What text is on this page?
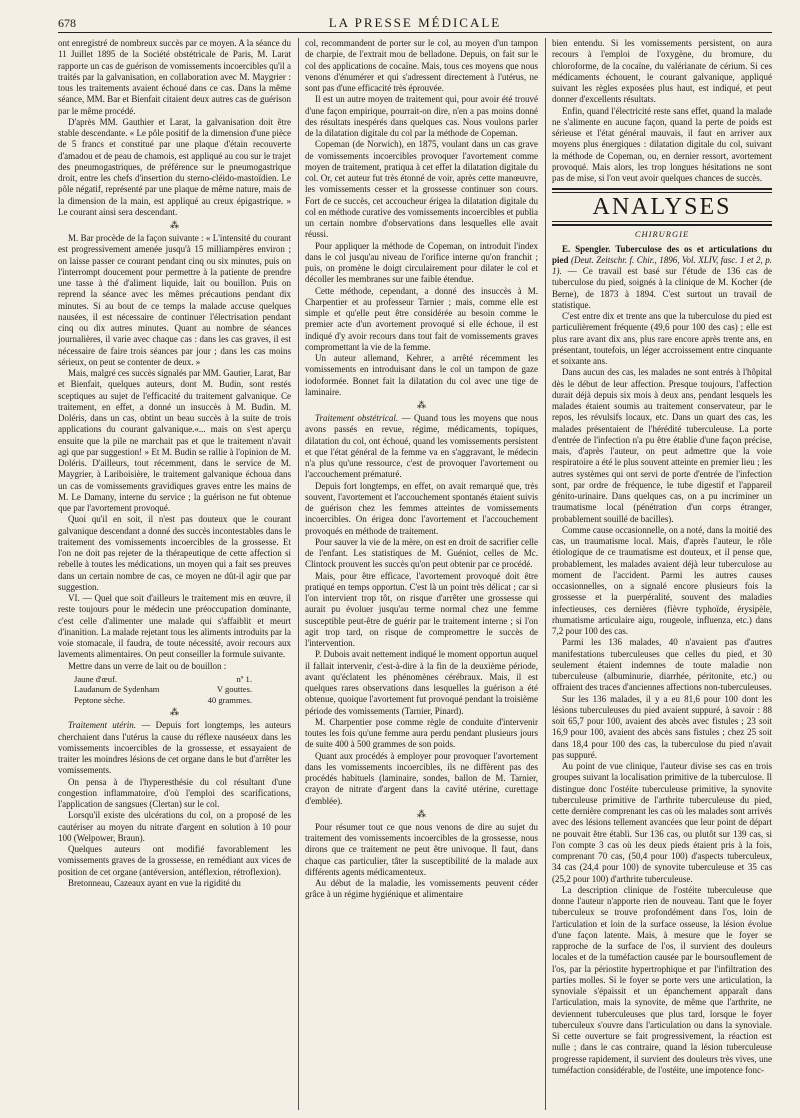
678	LA PRESSE MÉDICALE

ont enregistré de nombreux succès par ce moyen. A la séance du 11 Juillet 1895 de la Société obstétricale de Paris, M. Larat rapporte un cas de guérison de vomissements incoercibles qu'il a traités par la galvanisation, en collaboration avec M. Maygrier : tous les traitements avaient échoué dans ce cas. Dans la même séance, MM. Bar et Bienfait citaient deux autres cas de guérison par le même procédé.

D'après MM. Gauthier et Larat, la galvanisation doit être stable descendante. « Le pôle positif de la dimension d'une pièce de 5 francs et constitué par une plaque d'étain recouverte d'amadou et de peau de chamois, est appliqué au cou sur le trajet des pneumogastriques, de préférence sur le pneumogastrique droit, entre les chefs d'insertion du sterno-cléido-mastoïdien. Le pôle négatif, représenté par une plaque de même nature, mais de la dimension de la main, est appliqué au creux épigastrique. » Le courant ainsi sera descendant.

⁂

M. Bar procède de la façon suivante : « L'intensité du courant est progressivement amenée jusqu'à 15 milliampères environ ; on laisse passer ce courant pendant cinq ou six minutes, puis on l'interrompt doucement pour permettre à la patiente de prendre une tasse à thé d'aliment liquide, lait ou bouillon. Puis on reprend la séance avec les mêmes précautions pendant dix minutes. Si au bout de ce temps la malade accuse quelques nausées, il est nécessaire de continuer l'électrisation pendant cinq ou dix autres minutes. Quant au nombre de séances journalières, il varie avec chaque cas : dans les cas graves, il est nécessaire de faire trois séances par jour ; dans les cas moins sérieux, on peut se contenter de deux. »

Mais, malgré ces succès signalés par MM. Gautier, Larat, Bar et Bienfait, quelques auteurs, dont M. Budin, sont restés sceptiques au sujet de l'efficacité du traitement galvanique. Ce traitement, en effet, a donné un insuccès à M. Budin. M. Doléris, dans un cas, obtint un beau succès à la suite de trois applications du courant galvanique.«... mais on s'est aperçu ensuite que la pile ne marchait pas et que le traitement n'avait agi que par suggestion! » Et M. Budin se rallie à l'opinion de M. Doléris. D'ailleurs, tout récemment, dans le service de M. Maygrier, à Lariboisière, le traitement galvanique échoua dans un cas de vomissements gravidiques graves entre les mains de M. Le Damany, interne du service ; la guérison ne fut obtenue que par l'avortement provoqué.

Quoi qu'il en soit, il n'est pas douteux que le courant galvanique descendant a donné des succès incontestables dans le traitement des vomissements incoercibles de la grossesse. Et l'on ne doit pas rejeter de la thérapeutique de cette affection si rebelle à toutes les médications, un moyen qui a fait ses preuves dans un certain nombre de cas, ce moyen ne dût-il agir que par suggestion.

VI. — Quel que soit d'ailleurs le traitement mis en œuvre, il reste toujours pour le médecin une préoccupation dominante, c'est celle d'alimenter une malade qui s'affaiblit et meurt d'inanition. La malade rejetant tous les aliments introduits par la voie stomacale, il faudra, de toute nécessité, avoir recours aux lavements alimentaires. On peut conseiller la formule suivante.

Mettre dans un verre de lait ou de bouillon :

Jaune d'œuf.	nº 1.
Laudanum de Sydenham	V gouttes.
Peptone sèche.	40 grammes.
⁂

Traitement utérin. — Depuis fort longtemps, les auteurs cherchaient dans l'utérus la cause du réflexe nauséeux dans les vomissements incoercibles de la grossesse, et essayaient de traiter les moindres lésions de cet organe dans le but d'arrêter les vomissements.

On pensa à de l'hyperesthésie du col résultant d'une congestion inflammatoire, d'où l'emploi des scarifications, l'application de sangsues (Clertan) sur le col.

Lorsqu'il existe des ulcérations du col, on a proposé de les cautériser au moyen du nitrate d'argent en solution à 10 pour 100 (Welpower, Braun).

Quelques auteurs ont modifié favorablement les vomissements graves de la grossesse, en remédiant aux vices de position de cet organe (antéversion, antéflexion, rétroflexion).

Bretonneau, Cazeaux ayant en vue la rigidité du

col, recommandent de porter sur le col, au moyen d'un tampon de charpie, de l'extrait mou de belladone. Depuis, on fait sur le col des applications de cocaïne. Mais, tous ces moyens que nous venons d'énumérer et qui s'adressent directement à l'utérus, ne sont pas d'une efficacité très éprouvée.

Il est un autre moyen de traitement qui, pour avoir été trouvé d'une façon empirique, pourrait-on dire, n'en a pas moins donné des résultats inespérés dans quelques cas. Nous voulons parler de la dilatation digitale du col par la méthode de Copeman.

Copeman (de Norwich), en 1875, voulant dans un cas grave de vomissements incoercibles provoquer l'avortement comme moyen de traitement, pratiqua à cet effet la dilatation digitale du col. Or, cet auteur fut très étonné de voir, après cette manœuvre, les vomissements cesser et la grossesse continuer son cours. Fort de ce succès, cet accoucheur érigea la dilatation digitale du col en méthode curative des vomissements incoercibles et publia un certain nombre d'observations dans lesquelles elle avait réussi.

Pour appliquer la méthode de Copeman, on introduit l'index dans le col jusqu'au niveau de l'orifice interne qu'on franchit ; puis, on promène le doigt circulairement pour dilater le col et décoller les membranes sur une faible étendue.

Cette méthode, cependant, a donné des insuccès à M. Charpentier et au professeur Tarnier ; mais, comme elle est simple et qu'elle peut être considérée au besoin comme le premier acte d'un avortement provoqué si elle échoue, il est indiqué d'y avoir recours dans tout fait de vomissements graves compromettant la vie de la femme.

Un auteur allemand, Kehrer, a arrêté récemment les vomissements en introduisant dans le col un tampon de gaze iodoformée. Bonnet fait la dilatation du col avec une tige de laminaire.

⁂

Traitement obstétrical. — Quand tous les moyens que nous avons passés en revue, régime, médicaments, topiques, dilatation du col, ont échoué, quand les vomissements persistent et que l'état général de la femme va en s'aggravant, le médecin n'a plus qu'une ressource, c'est de provoquer l'avortement ou l'accouchement prématuré.

Depuis fort longtemps, en effet, on avait remarqué que, très souvent, l'avortement et l'accouchement spontanés étaient suivis de guérison chez les femmes atteintes de vomissements incoercibles. On érigea donc l'avortement et l'accouchement provoqués en méthode de traitement.

Pour sauver la vie de la mère, on est en droit de sacrifier celle de l'enfant. Les statistiques de M. Guéniot, celles de Mc. Clintock prouvent les succès qu'on peut obtenir par ce procédé.

Mais, pour être efficace, l'avortement provoqué doit être pratiqué en temps opportun. C'est là un point très délicat ; car si l'on intervient trop tôt, on risque d'arrêter une grossesse qui aurait pu évoluer jusqu'au terme normal chez une femme susceptible peut-être de guérir par le traitement interne ; si l'on agit trop tard, on risque de compromettre le succès de l'intervention.

P. Dubois avait nettement indiqué le moment opportun auquel il fallait intervenir, c'est-à-dire à la fin de la deuxième période, avant qu'éclatent les phénomènes cérébraux. Mais, il est quelques rares observations dans lesquelles la guérison a été obtenue, quoique l'avortement fut provoqué pendant la troisième période des vomissements (Tarnier, Pinard).

M. Charpentier pose comme règle de conduite d'intervenir toutes les fois qu'une femme aura perdu pendant plusieurs jours de suite 400 à 500 grammes de son poids.

Quant aux procédés à employer pour provoquer l'avortement dans les vomissements incoercibles, ils ne diffèrent pas des procédés habituels (laminaire, sondes, ballon de M. Tarnier, crayon de nitrate d'argent dans la cavité utérine, curettage d'emblée).

⁂

Pour résumer tout ce que nous venons de dire au sujet du traitement des vomissements incoercibles de la grossesse, nous dirons que ce traitement ne peut être univoque. Il faut, dans chaque cas particulier, tâter la susceptibilité de la malade aux différents agents médicamenteux.

Au début de la maladie, les vomissements peuvent céder grâce à un régime hygiénique et alimentaire

bien entendu. Si les vomissements persistent, on aura recours à l'emploi de l'oxygène, du bromure, du chloroforme, de la cocaïne, du valérianate de cérium. Si ces médicaments échouent, le courant galvanique, appliqué suivant les règles exposées plus haut, est indiqué, et peut donner d'excellents résultats.

Enfin, quand l'électricité reste sans effet, quand la malade ne s'alimente en aucune façon, quand la perte de poids est sérieuse et l'état général mauvais, il faut en arriver aux moyens plus énergiques : dilatation digitale du col, suivant la méthode de Copeman, ou, en dernier ressort, avortement provoqué. Mais alors, les trop longues hésitations ne sont pas de mise, si l'on veut avoir quelques chances de succès.

ANALYSES
CHIRURGIE

E. Spengler. Tuberculose des os et articulations du pied (Deut. Zeitschr. f. Chir., 1896, Vol. XLIV, fasc. 1 et 2, p. 1). — Ce travail est basé sur l'étude de 136 cas de tuberculose du pied, soignés à la clinique de M. Kocher (de Berne), de 1873 à 1894. C'est surtout un travail de statistique.

C'est entre dix et trente ans que la tuberculose du pied est particulièrement fréquente (49,6 pour 100 des cas) ; elle est plus rare avant dix ans, plus rare encore après trente ans, en présentant, toutefois, un léger accroissement entre cinquante et soixante ans.

Dans aucun des cas, les malades ne sont entrés à l'hôpital dès le début de leur affection. Presque toujours, l'affection durait déjà depuis six mois à deux ans, pendant lesquels les malades étaient soumis au traitement conservateur, par le repos, les révulsifs locaux, etc. Dans un quart des cas, les malades présentaient de l'hérédité tuberculeuse. La porte d'entrée de l'infection n'a pu être établie d'une façon précise, mais, d'après l'auteur, on peut admettre que la voie respiratoire a été le plus souvent atteinte en premier lieu ; les autres systèmes qui ont servi de porte d'entrée de l'infection sont, par ordre de fréquence, le tube digestif et l'appareil génito-urinaire. Dans quelques cas, on a pu incriminer un traumatisme local (pénétration d'un corps étranger, probablement souillé de bacilles).

Comme cause occasionnelle, on a noté, dans la moitié des cas, un traumatisme local. Mais, d'après l'auteur, le rôle étiologique de ce traumatisme est douteux, et il pense que, probablement, les malades avaient déjà leur tuberculose au moment de l'accident. Parmi les autres causes occasionnelles, on a signalé encore plusieurs fois la grossesse et la puerpéralité, souvent des maladies infectieuses, ces dernières (fièvre typhoïde, érysipèle, rhumatisme articulaire aigu, rougeole, influenza, etc.) dans 7,2 pour 100 des cas.

Parmi les 136 malades, 40 n'avaient pas d'autres manifestations tuberculeuses que celles du pied, et 30 seulement étaient indemnes de toute maladie non tuberculeuse (albuminurie, diarrhée, péritonite, etc.) ou offraient des traces d'anciennes affections non-tuberculeuses.

Sur les 136 malades, il y a eu 81,6 pour 100 dont les lésions tuberculeuses du pied avaient suppuré, à savoir : 88 soit 65,7 pour 100, avaient des abcès avec fistules ; 23 soit 16,9 pour 100, avaient des abcès sans fistules ; chez 25 soit dans 18,4 pour 100 des cas, la tuberculose du pied n'avait pas suppuré.

Au point de vue clinique, l'auteur divise ses cas en trois groupes suivant la localisation primitive de la tuberculose. Il distingue donc l'ostéite tuberculeuse primitive, la synovite tuberculeuse primitive de l'arthrite tuberculeuse du pied, cette dernière comprenant les cas où les malades sont arrivés avec des lésions tellement avancées que leur point de départ ne pouvait être établi. Sur 136 cas, ou plutôt sur 139 cas, si l'on compte 3 cas où les deux pieds étaient pris à la fois, comprenant 70 cas, (50,4 pour 100) d'aspects tuberculeux, 34 cas (24,4 pour 100) de synovite tuberculeuse et 35 cas (25,2 pour 100) d'arthrite tuberculeuse.

La description clinique de l'ostéite tuberculeuse que donne l'auteur n'apporte rien de nouveau. Tant que le foyer tuberculeux se trouve profondément dans l'os, loin de l'articulation et loin de la surface osseuse, la lésion évolue d'une façon latente. Mais, à mesure que le foyer se rapproche de la surface de l'os, il survient des douleurs locales et de la tuméfaction causée par le boursouflement de l'os, par la périostite hypertrophique et par l'infiltration des parties molles. Si le foyer se porte vers une articulation, la synoviale s'épaissit et un épanchement apparaît dans l'articulation, mais la synovite, de même que l'arthrite, ne deviennent tuberculeuses que plus tard, lorsque le foyer tuberculeux s'ouvre dans l'articulation ou dans la synoviale. Si cette ouverture se fait progressivement, la réaction est nulle ; dans le cas contraire, quand la lésion tuberculeuse progresse rapidement, il survient des douleurs très vives, une tuméfaction considérable, de l'ostéite, une impotence fonc-
